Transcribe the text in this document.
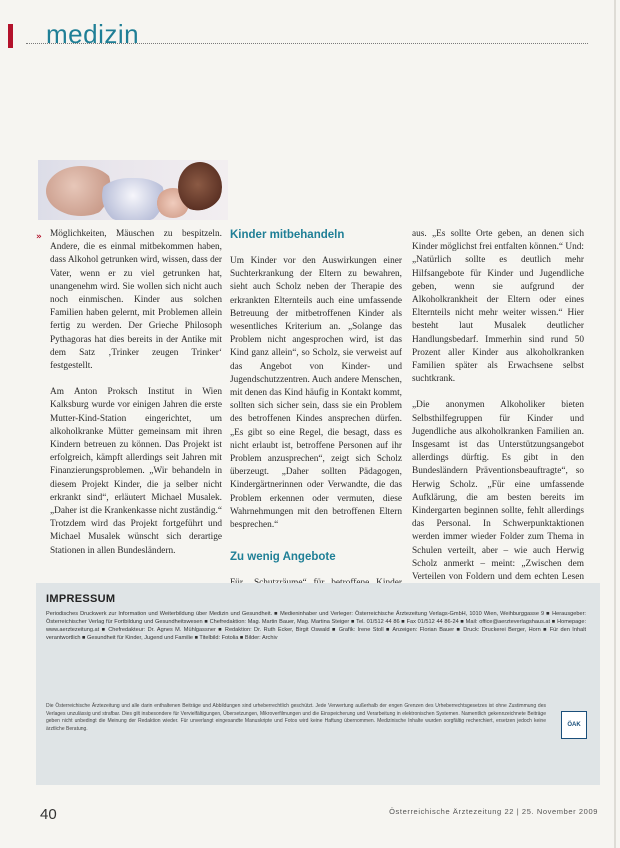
medizin
» Möglichkeiten, Mäuschen zu bespitzeln. Andere, die es einmal mitbekommen haben, dass Alkohol getrunken wird, wissen, dass der Vater, wenn er zu viel getrunken hat, unangenehm wird. Sie wollen sich nicht auch noch einmischen. Kinder aus solchen Familien haben gelernt, mit Problemen allein fertig zu werden. Der Grieche Philosoph Pythagoras hat dies bereits in der Antike mit dem Satz ‚Trinker zeugen Trinker‘ festgestellt.

Am Anton Proksch Institut in Wien Kalksburg wurde vor einigen Jahren die erste Mutter-Kind-Station eingerichtet, um alkoholkranke Mütter gemeinsam mit ihren Kindern betreuen zu können. Das Projekt ist erfolgreich, kämpft allerdings seit Jahren mit Finanzierungsproblemen. „Wir behandeln in diesem Projekt Kinder, die ja selber nicht erkrankt sind“, erläutert Michael Musalek. „Daher ist die Krankenkasse nicht zuständig.“ Trotzdem wird das Projekt fortgeführt und Michael Musalek wünscht sich derartige Stationen in allen Bundesländern.

Kinder mitbehandeln

Um Kinder vor den Auswirkungen einer Suchterkrankung der Eltern zu bewahren, sieht auch Scholz neben der Therapie des erkrankten Elternteils auch eine umfassende Betreuung der mitbetroffenen Kinder als wesentliches Kriterium an. „Solange das Problem nicht angesprochen wird, ist das Kind ganz allein“, so Scholz, sie verweist auf das Angebot von Kinder- und Jugendschutzzentren. Auch andere Menschen, mit denen das Kind häufig in Kontakt kommt, sollten sich sicher sein, dass sie ein Problem des betroffenen Kindes ansprechen dürfen. „Es gibt so eine Regel, die besagt, dass es nicht erlaubt ist, betroffene Personen auf ihr Problem anzusprechen“, zeigt sich Scholz überzeugt. „Daher sollten Pädagogen, Kindergärtnerinnen oder Verwandte, die das Problem erkennen oder vermuten, diese Wahrnehmungen mit den betroffenen Eltern besprechen.“

Zu wenig Angebote

aus. „Es sollte Orte geben, an denen sich Kinder möglichst frei entfalten können.“ Und: „Natürlich sollte es deutlich mehr Hilfsangebote für Kinder und Jugendliche geben, wenn sie aufgrund der Alkoholkrankheit der Eltern oder eines Elternteils nicht mehr weiter wissen.“ Hier besteht laut Musalek deutlicher Handlungsbedarf. Immerhin sind rund 50 Prozent aller Kinder aus alkoholkranken Familien später als Erwachsene selbst suchtkrank.

„Die anonymen Alkoholiker bieten Selbsthilfegruppen für Kinder und Jugendliche aus alkoholkranken Familien an. Insgesamt ist das Unterstützungsangebot allerdings dürftig. Es gibt in den Bundesländern Präventionsbeauftragte“, so Herwig Scholz. „Für eine umfassende Aufklärung, die am besten bereits im Kindergarten beginnen sollte, fehlt allerdings das Personal. In Schwerpunktaktionen werden immer wieder Folder zum Thema in Schulen verteilt, aber – wie auch Herwig Scholz anmerkt – meint: „Zwischen dem Verteilen von Foldern und dem echten Lesen

IMPRESSUM
Periodisches Druckwerk zur Information und Weiterbildung über Medizin und Gesundheit. ■ Medieninhaber und Verleger: Österreichische Ärztezeitung Verlags-GmbH, 1010 Wien, Weihburggasse 9 ■ Herausgeber: Österreichischer Verlag für Fortbildung und Gesundheitswesen ■ Chefredaktion: Mag. Martin Bauer, Mag. Martina Steiger ■ Tel. 01/512 44 86 ■ Fax 01/512 44 86-24 ■ Mail: office@aerzteverlagshaus.at ■ Homepage: www.aerztezeitung.at ■ Chefredakteur: Dr. Agnes M. Mühlgassner ■ Redaktion: Dr. Ruth Ecker, Birgit Oswald ■ Grafik: Irene Stoll ■ Anzeigen: Florian Bauer ■ Druck: Druckerei Berger, Horn ■ Für den Inhalt verantwortlich ■ Gesundheit für Kinder, Jugend und Familie ■ Titelbild: Fotolia ■ Bilder: Archiv
Die Österreichische Ärztezeitung und alle darin enthaltenen Beiträge und Abbildungen sind urheberrechtlich geschützt. Jede Verwertung außerhalb der engen Grenzen des Urheberrechtsgesetzes ist ohne Zustimmung des Verlages unzulässig und strafbar. Dies gilt insbesondere für Vervielfältigungen, Übersetzungen, Mikroverfilmungen und die Einspeicherung und Verarbeitung in elektronischen Systemen. Namentlich gekennzeichnete Beiträge geben nicht unbedingt die Meinung der Redaktion wieder. Für unverlangt eingesandte Manuskripte und Fotos wird keine Haftung übernommen. Medizinische Inhalte wurden sorgfältig recherchiert, ersetzen jedoch keine ärztliche Beratung.
ÖAK
40	Österreichische Ärztezeitung 22 | 25. November 2009
